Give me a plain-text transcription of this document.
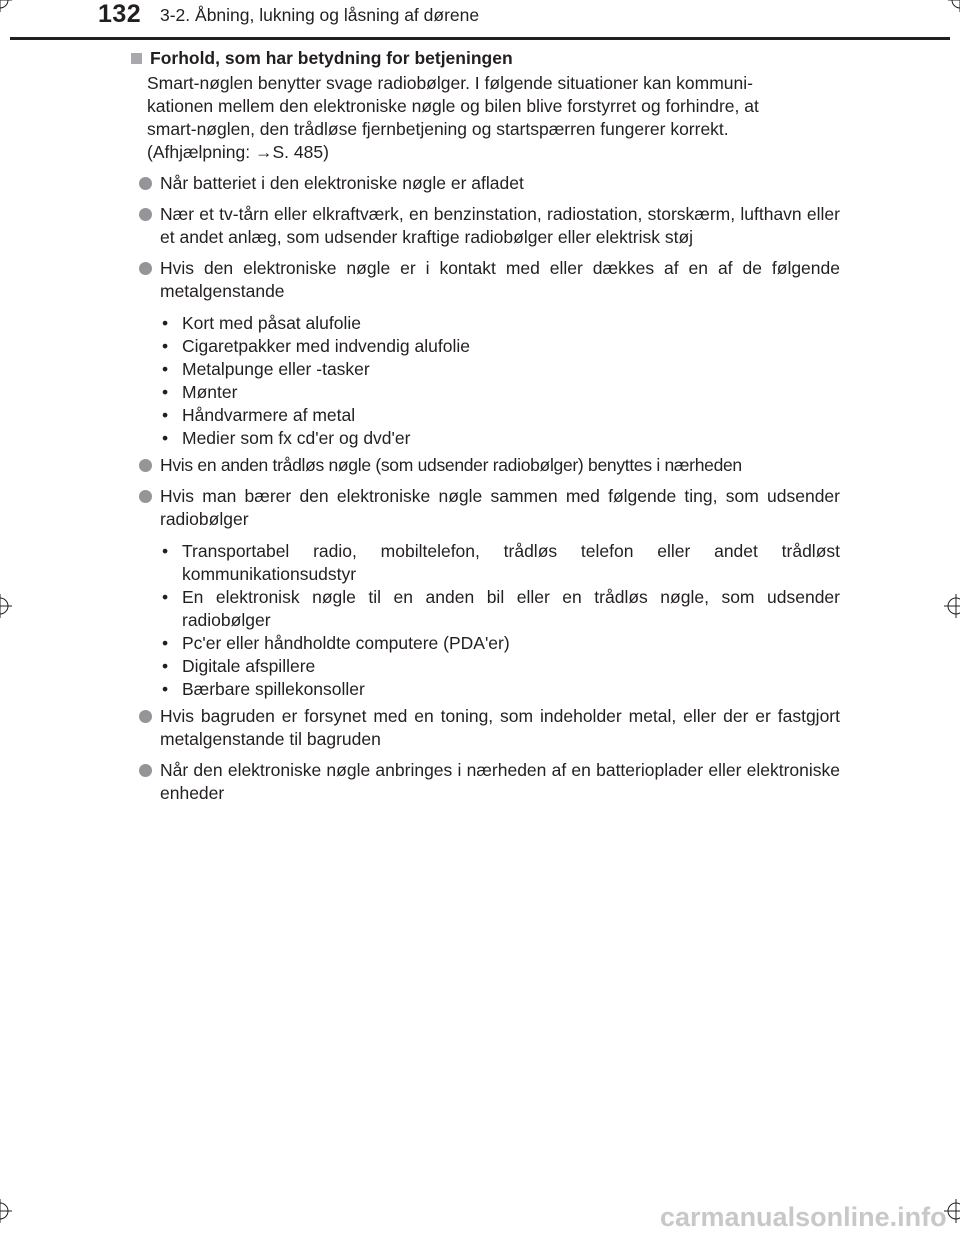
132 3-2. Åbning, lukning og låsning af dørene
Forhold, som har betydning for betjeningen
Smart-nøglen benytter svage radiobølger. I følgende situationer kan kommuni-
kationen mellem den elektroniske nøgle og bilen blive forstyrret og forhindre, at
smart-nøglen, den trådløse fjernbetjening og startspærren fungerer korrekt.
(Afhjælpning: →S. 485)
Når batteriet i den elektroniske nøgle er afladet
Nær et tv-tårn eller elkraftværk, en benzinstation, radiostation, storskærm, lufthavn eller et andet anlæg, som udsender kraftige radiobølger eller elektrisk støj
Hvis den elektroniske nøgle er i kontakt med eller dækkes af en af de følgende metalgenstande
• Kort med påsat alufolie
• Cigaretpakker med indvendig alufolie
• Metalpunge eller -tasker
• Mønter
• Håndvarmere af metal
• Medier som fx cd'er og dvd'er
Hvis en anden trådløs nøgle (som udsender radiobølger) benyttes i nærheden
Hvis man bærer den elektroniske nøgle sammen med følgende ting, som udsender radiobølger
• Transportabel radio, mobiltelefon, trådløs telefon eller andet trådløst kommunikationsudstyr
• En elektronisk nøgle til en anden bil eller en trådløs nøgle, som udsender radiobølger
• Pc'er eller håndholdte computere (PDA'er)
• Digitale afspillere
• Bærbare spillekonsoller
Hvis bagruden er forsynet med en toning, som indeholder metal, eller der er fastgjort metalgenstande til bagruden
Når den elektroniske nøgle anbringes i nærheden af en batterioplader eller elektroniske enheder
carmanualsonline.info
